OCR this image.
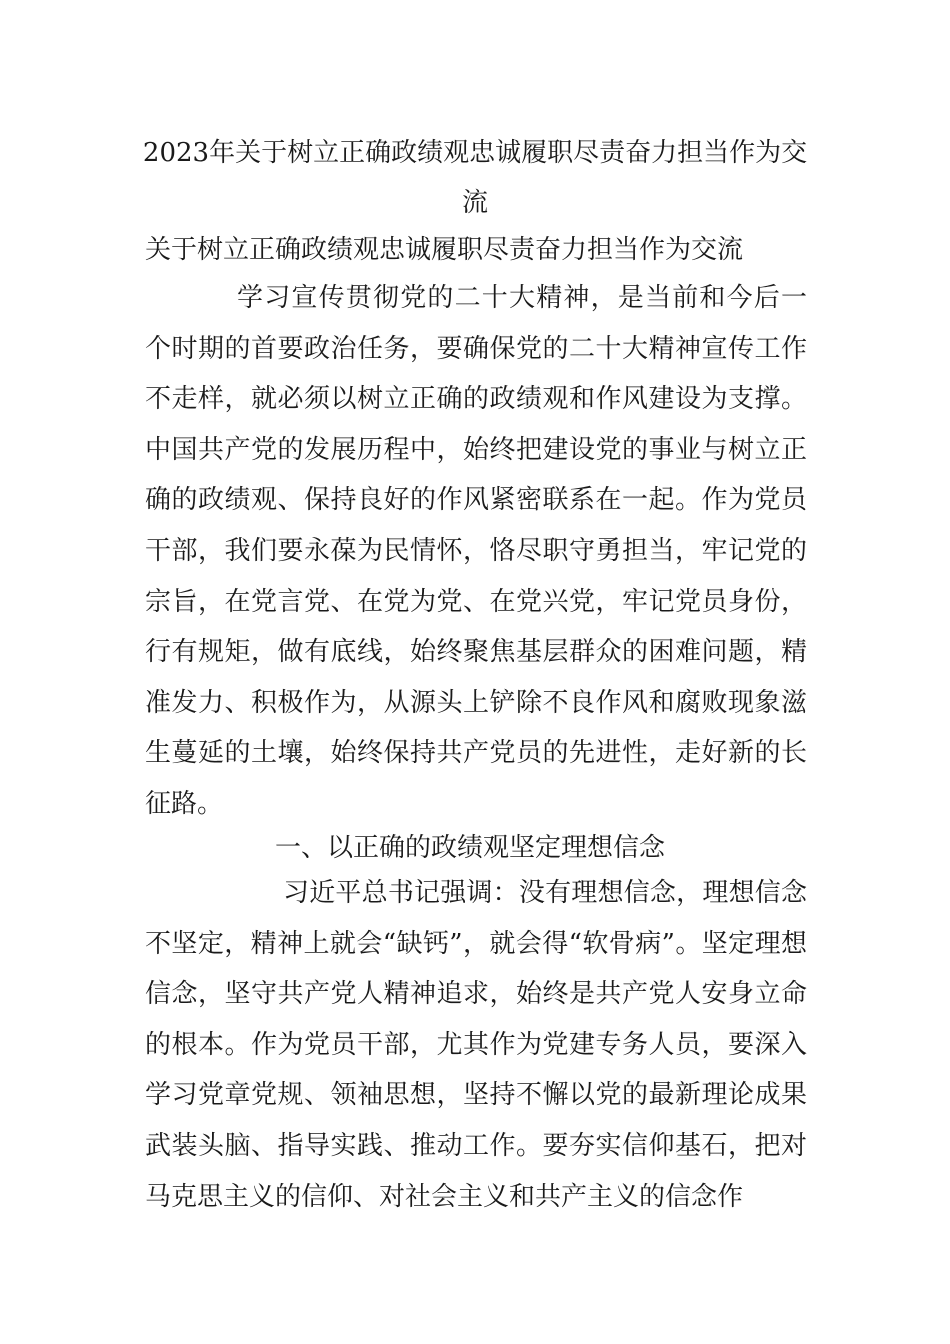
2023年关于树立正确政绩观忠诚履职尽责奋力担当作为交流

关于树立正确政绩观忠诚履职尽责奋力担当作为交流

学习宣传贯彻党的二十大精神，是当前和今后一个时期的首要政治任务，要确保党的二十大精神宣传工作不走样，就必须以树立正确的政绩观和作风建设为支撑。中国共产党的发展历程中，始终把建设党的事业与树立正确的政绩观、保持良好的作风紧密联系在一起。作为党员干部，我们要永葆为民情怀，恪尽职守勇担当，牢记党的宗旨，在党言党、在党为党、在党兴党，牢记党员身份，行有规矩，做有底线，始终聚焦基层群众的困难问题，精准发力、积极作为，从源头上铲除不良作风和腐败现象滋生蔓延的土壤，始终保持共产党员的先进性，走好新的长征路。

一、以正确的政绩观坚定理想信念

习近平总书记强调：没有理想信念，理想信念不坚定，精神上就会“缺钙”，就会得“软骨病”。坚定理想信念，坚守共产党人精神追求，始终是共产党人安身立命的根本。作为党员干部，尤其作为党建专务人员，要深入学习党章党规、领袖思想，坚持不懈以党的最新理论成果武装头脑、指导实践、推动工作。要夯实信仰基石，把对马克思主义的信仰、对社会主义和共产主义的信念作
